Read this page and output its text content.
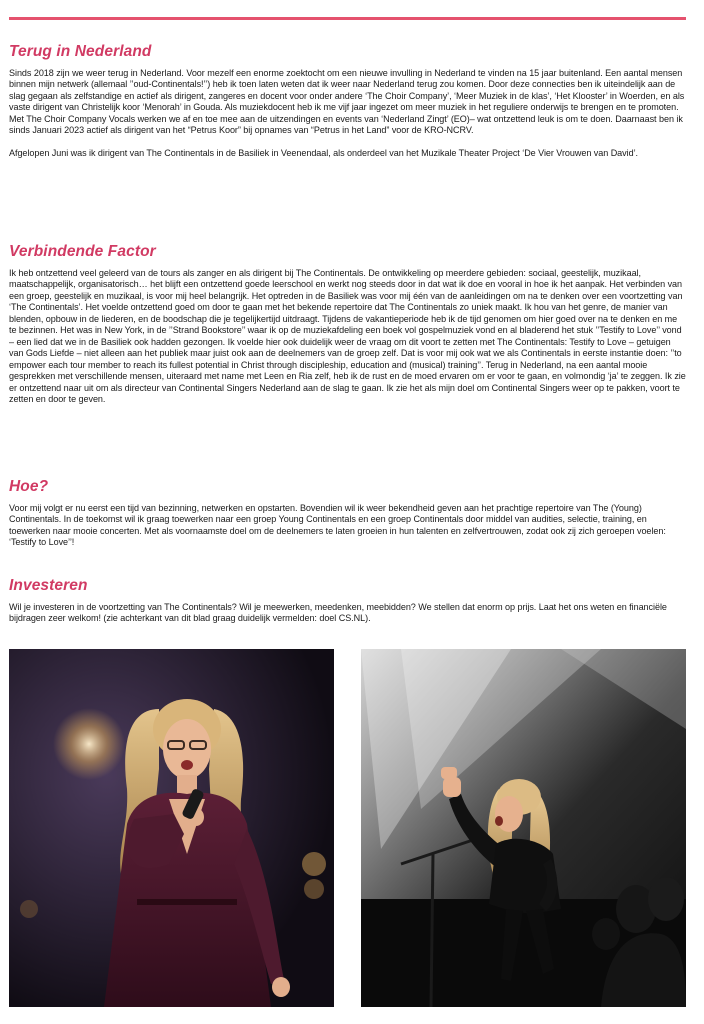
Terug in Nederland

Sinds 2018 zijn we weer terug in Nederland. Voor mezelf een enorme zoektocht om een nieuwe invulling in Nederland te vinden na 15 jaar buitenland. Een aantal mensen binnen mijn netwerk (allemaal ’’oud-Continentals!’’) heb ik toen laten weten dat ik weer naar Nederland terug zou komen. Door deze connecties ben ik uiteindelijk aan de slag gegaan als zelfstandige en actief als dirigent, zangeres en docent voor onder andere ‘The Choir Company’, ‘Meer Muziek in de klas’, ‘Het Klooster’ in Woerden, en als vaste dirigent van Christelijk koor ‘Menorah’ in Gouda. Als muziekdocent heb ik me vijf jaar ingezet om meer muziek in het reguliere onderwijs te brengen en te promoten. Met The Choir Company Vocals werken we af en toe mee aan de uitzendingen en events van ‘Nederland Zingt’ (EO)– wat ontzettend leuk is om te doen. Daarnaast ben ik sinds Januari 2023 actief als dirigent van het “Petrus Koor” bij opnames van “Petrus in het Land” voor de KRO-NCRV.

Afgelopen Juni was ik dirigent van The Continentals in de Basiliek in Veenendaal, als onderdeel van het Muzikale Theater Project ‘De Vier Vrouwen van David’.

Verbindende Factor

Ik heb ontzettend veel geleerd van de tours als zanger en als dirigent bij The Continentals. De ontwikkeling op meerdere gebieden: sociaal, geestelijk, muzikaal, maatschappelijk, organisatorisch… het blijft een ontzettend goede leerschool en werkt nog steeds door in dat wat ik doe en vooral in hoe ik het aanpak. Het verbinden van een groep, geestelijk en muzikaal, is voor mij heel belangrijk. Het optreden in de Basiliek was voor mij één van de aanleidingen om na te denken over een voortzetting van ‘The Continentals’. Het voelde ontzettend goed om door te gaan met het bekende repertoire dat The Continentals zo uniek maakt. Ik hou van het genre, de manier van blenden, opbouw in de liederen, en de boodschap die je tegelijkertijd uitdraagt. Tijdens de vakantieperiode heb ik de tijd genomen om hier goed over na te denken en me te bezinnen. Het was in New York, in de ’’Strand Bookstore’’ waar ik op de muziekafdeling een boek vol gospelmuziek vond en al bladerend het stuk ’’Testify to Love’’ vond – een lied dat we in de Basiliek ook hadden gezongen. Ik voelde hier ook duidelijk weer de vraag om dit voort te zetten met The Continentals: Testify to Love – getuigen van Gods Liefde – niet alleen aan het publiek maar juist ook aan de deelnemers van de groep zelf. Dat is voor mij ook wat we als Continentals in eerste instantie doen: ’’to empower each tour member to reach its fullest potential in Christ through discipleship, education and (musical) training’’. Terug in Nederland, na een aantal mooie gesprekken met verschillende mensen, uiteraard met name met Leen en Ria zelf, heb ik de rust en de moed ervaren om er voor te gaan, en volmondig ‘ja’ te zeggen. Ik zie er ontzettend naar uit om als directeur van Continental Singers Nederland aan de slag te gaan. Ik zie het als mijn doel om Continental Singers weer op te pakken, voort te zetten en door te geven.

Hoe?

Voor mij volgt er nu eerst een tijd van bezinning, netwerken en opstarten. Bovendien wil ik weer bekendheid geven aan het prachtige repertoire van The (Young) Continentals. In de toekomst wil ik graag toewerken naar een groep Young Continentals en een groep Continentals door middel van audities, selectie, training, en toewerken naar mooie concerten. Met als voornaamste doel om de deelnemers te laten groeien in hun talenten en zelfvertrouwen, zodat ook zij zich geroepen voelen: ‘Testify to Love’’!

Investeren

Wil je investeren in de voortzetting van The Continentals? Wil je meewerken, meedenken, meebidden? We stellen dat enorm op prijs. Laat het ons weten en financiële bijdragen zeer welkom! (zie achterkant van dit blad graag duidelijk vermelden: doel CS.NL).
